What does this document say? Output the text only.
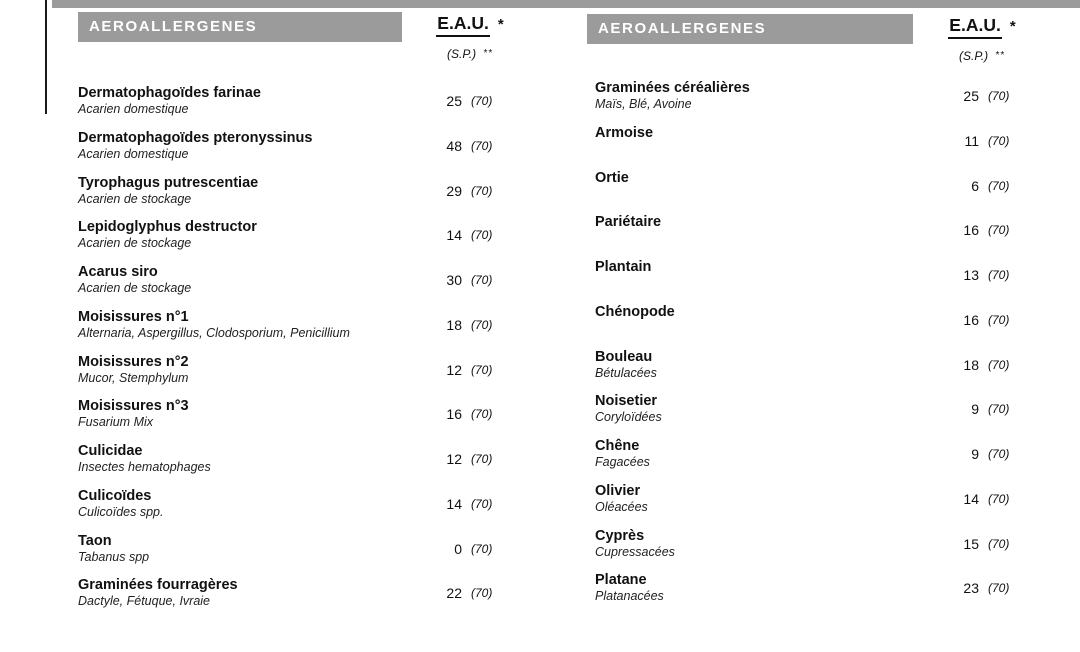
AEROALLERGENES	E.A.U. *
(S.P.) **
AEROALLERGENES	E.A.U. *
(S.P.) **
Dermatophagoïdes farinae
Acarien domestique	25 (70)
Dermatophagoïdes pteronyssinus
Acarien domestique	48 (70)
Tyrophagus putrescentiae
Acarien de stockage	29 (70)
Lepidoglyphus destructor
Acarien de stockage	14 (70)
Acarus siro
Acarien de stockage	30 (70)
Moisissures n°1
Alternaria, Aspergillus, Clodosporium, Penicillium	18 (70)
Moisissures n°2
Mucor, Stemphylum	12 (70)
Moisissures n°3
Fusarium Mix	16 (70)
Culicidae
Insectes hematophages	12 (70)
Culicoïdes
Culicoïdes spp.	14 (70)
Taon
Tabanus spp	0 (70)
Graminées fourragères
Dactyle, Fétuque, Ivraie	22 (70)
Graminées céréalières
Maïs, Blé, Avoine	25 (70)
Armoise	11 (70)
Ortie	6 (70)
Pariétaire	16 (70)
Plantain	13 (70)
Chénopode	16 (70)
Bouleau
Bétulacées	18 (70)
Noisetier
Coryloïdées	9 (70)
Chêne
Fagacées	9 (70)
Olivier
Oléacées	14 (70)
Cyprès
Cupressacées	15 (70)
Platane
Platanacées	23 (70)
